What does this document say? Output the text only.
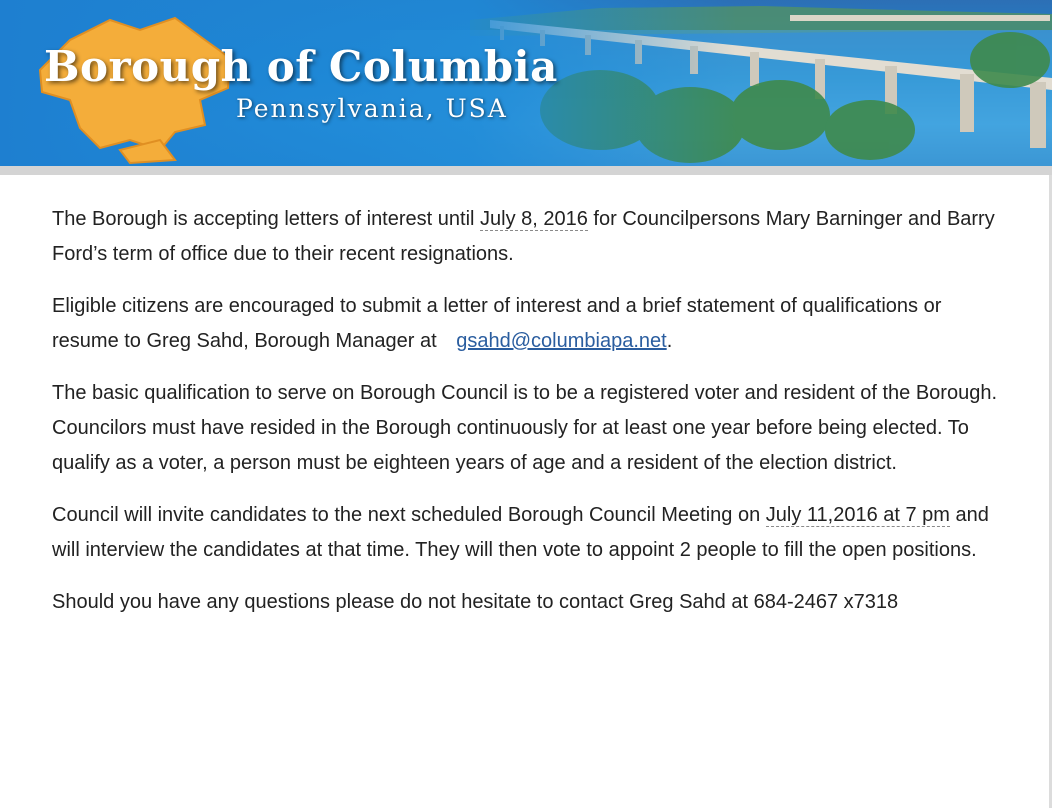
Borough of Columbia
Pennsylvania, USA

The Borough is accepting letters of interest until July 8, 2016 for Councilpersons Mary Barninger and Barry Ford’s term of office due to their recent resignations.

Eligible citizens are encouraged to submit a letter of interest and a brief statement of qualifications or resume to Greg Sahd, Borough Manager at gsahd@columbiapa.net.

The basic qualification to serve on Borough Council is to be a registered voter and resident of the Borough. Councilors must have resided in the Borough continuously for at least one year before being elected. To qualify as a voter, a person must be eighteen years of age and a resident of the election district.

Council will invite candidates to the next scheduled Borough Council Meeting on July 11,2016 at 7 pm and will interview the candidates at that time. They will then vote to appoint 2 people to fill the open positions.

Should you have any questions please do not hesitate to contact Greg Sahd at 684-2467 x7318
